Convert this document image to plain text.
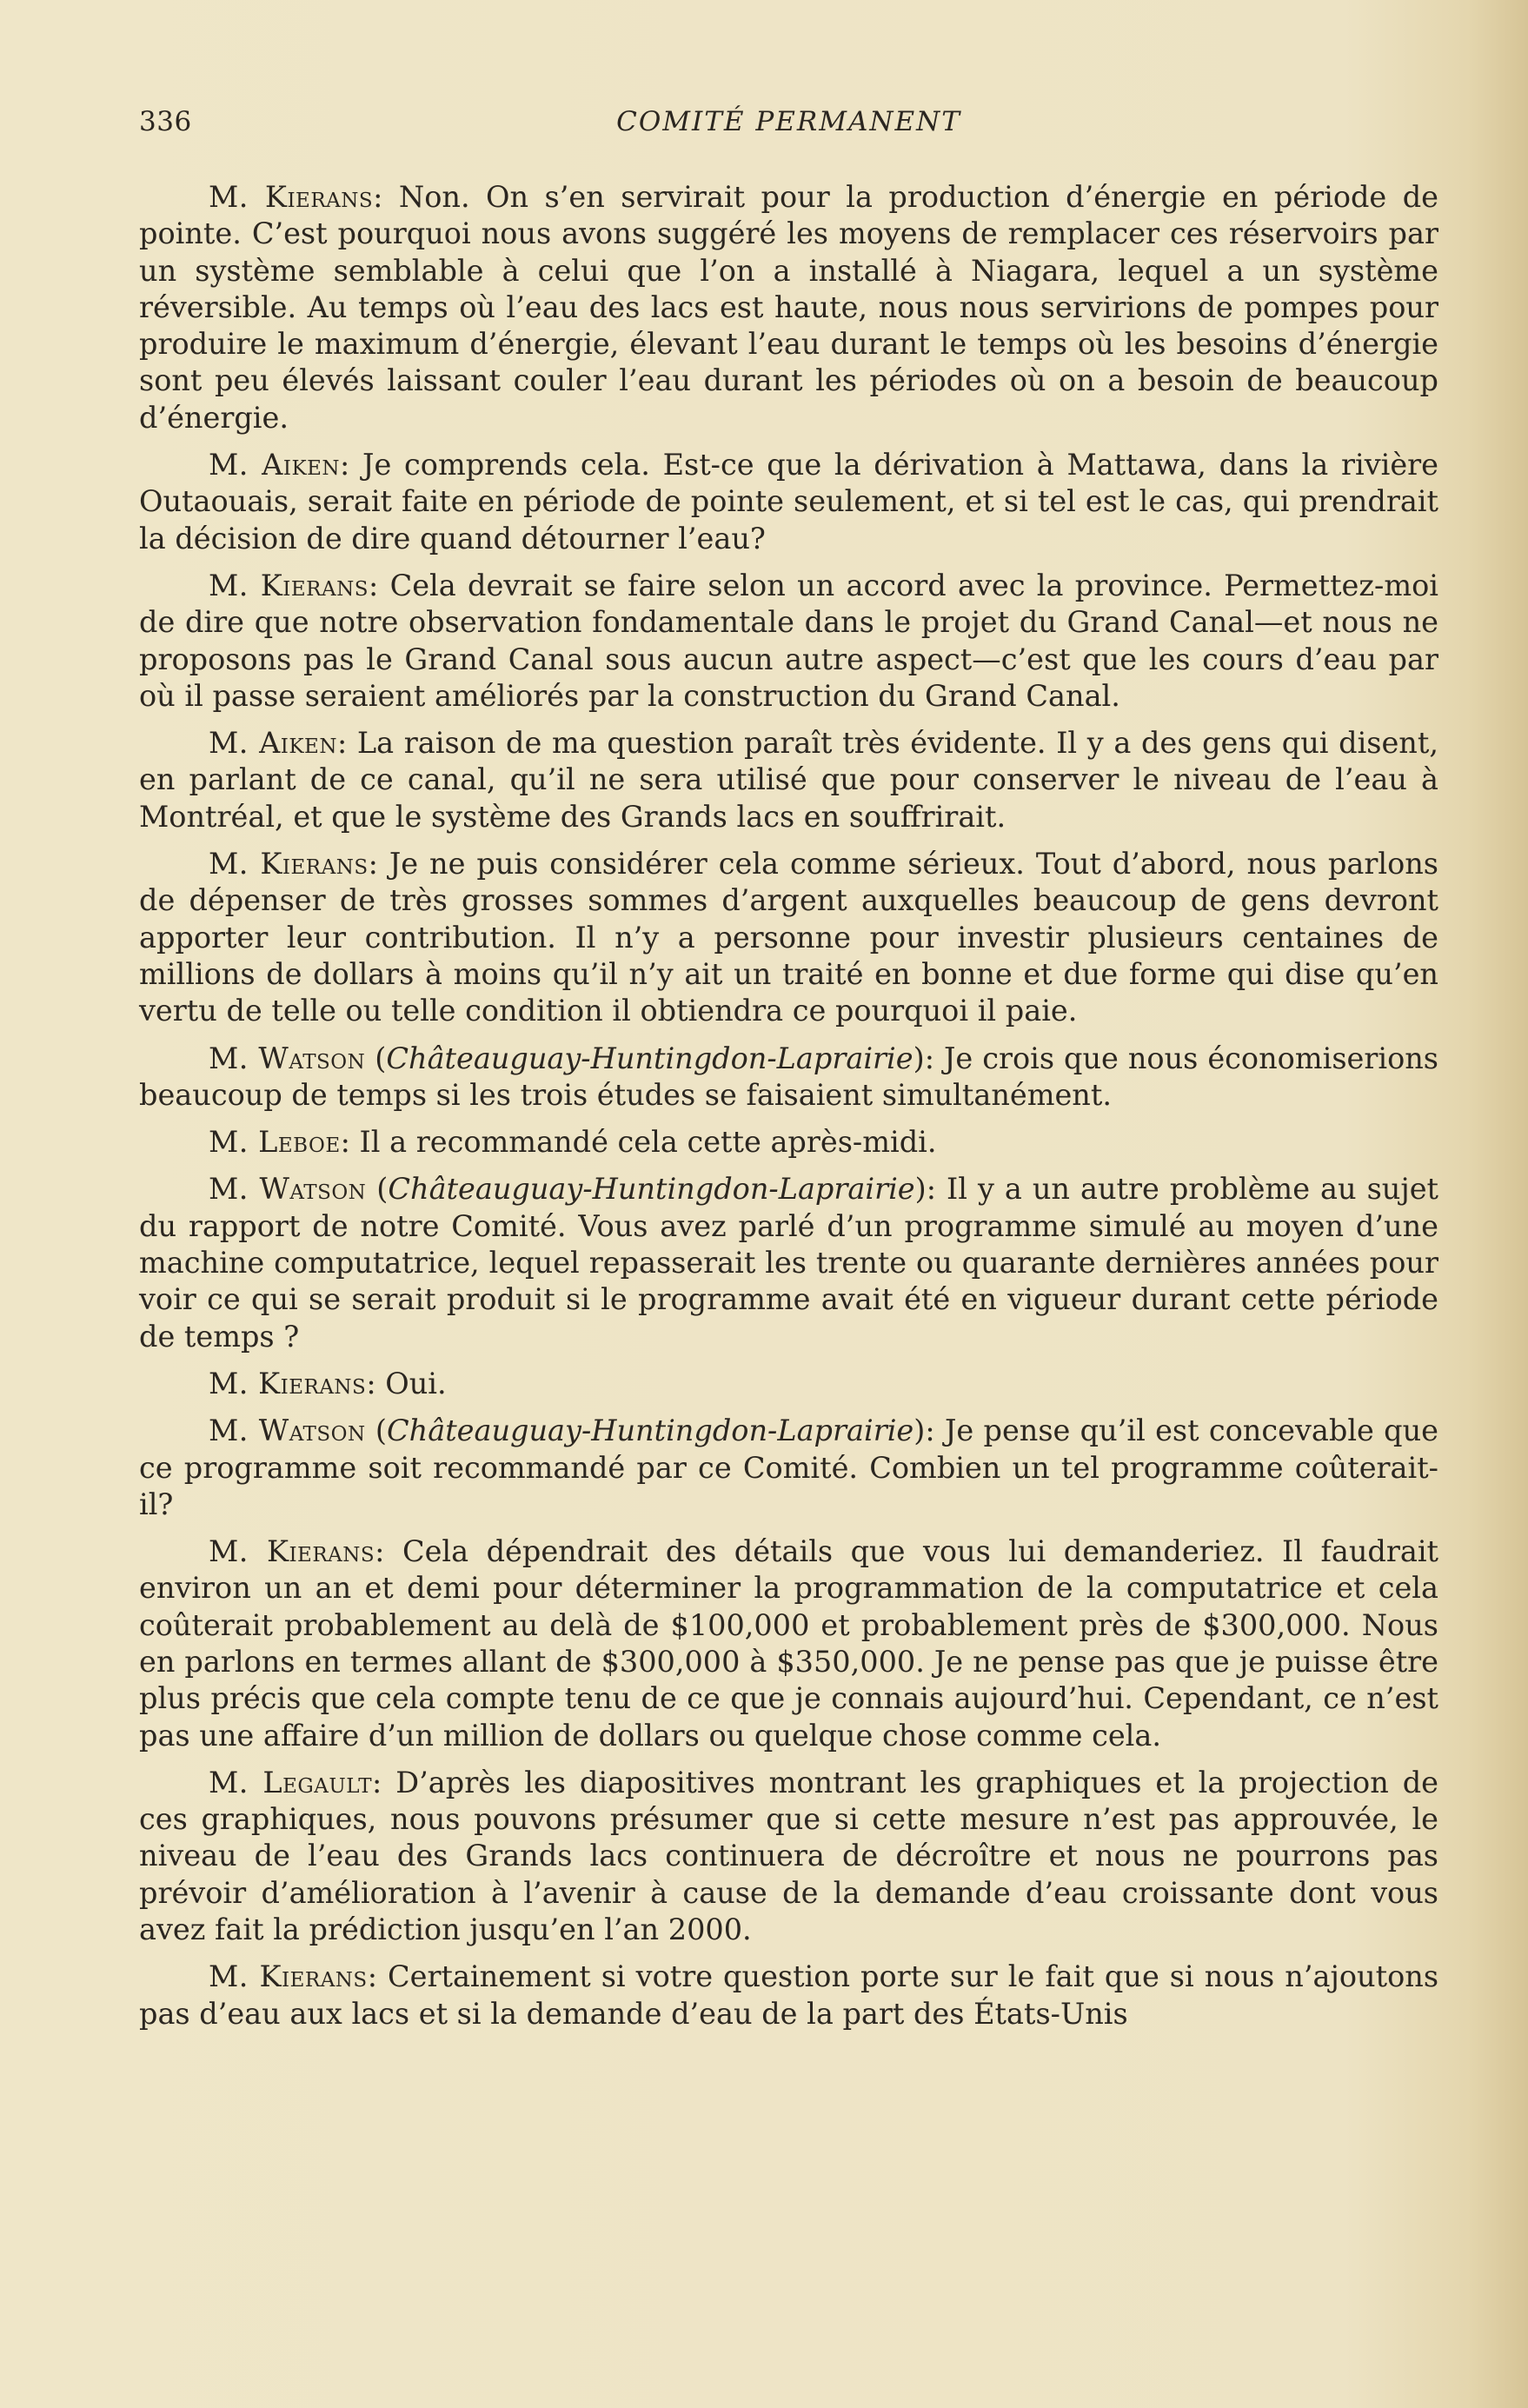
336	COMITÉ PERMANENT

M. Kierans: Non. On s’en servirait pour la production d’énergie en période de pointe. C’est pourquoi nous avons suggéré les moyens de remplacer ces réservoirs par un système semblable à celui que l’on a installé à Niagara, lequel a un système réversible. Au temps où l’eau des lacs est haute, nous nous servirions de pompes pour produire le maximum d’énergie, élevant l’eau durant le temps où les besoins d’énergie sont peu élevés laissant couler l’eau durant les périodes où on a besoin de beaucoup d’énergie.

M. Aiken: Je comprends cela. Est-ce que la dérivation à Mattawa, dans la rivière Outaouais, serait faite en période de pointe seulement, et si tel est le cas, qui prendrait la décision de dire quand détourner l’eau?

M. Kierans: Cela devrait se faire selon un accord avec la province. Permettez-moi de dire que notre observation fondamentale dans le projet du Grand Canal—et nous ne proposons pas le Grand Canal sous aucun autre aspect—c’est que les cours d’eau par où il passe seraient améliorés par la construction du Grand Canal.

M. Aiken: La raison de ma question paraît très évidente. Il y a des gens qui disent, en parlant de ce canal, qu’il ne sera utilisé que pour conserver le niveau de l’eau à Montréal, et que le système des Grands lacs en souffrirait.

M. Kierans: Je ne puis considérer cela comme sérieux. Tout d’abord, nous parlons de dépenser de très grosses sommes d’argent auxquelles beaucoup de gens devront apporter leur contribution. Il n’y a personne pour investir plusieurs centaines de millions de dollars à moins qu’il n’y ait un traité en bonne et due forme qui dise qu’en vertu de telle ou telle condition il obtiendra ce pourquoi il paie.

M. Watson (Châteauguay-Huntingdon-Laprairie): Je crois que nous économiserions beaucoup de temps si les trois études se faisaient simultanément.

M. Leboe: Il a recommandé cela cette après-midi.

M. Watson (Châteauguay-Huntingdon-Laprairie): Il y a un autre problème au sujet du rapport de notre Comité. Vous avez parlé d’un programme simulé au moyen d’une machine computatrice, lequel repasserait les trente ou quarante dernières années pour voir ce qui se serait produit si le programme avait été en vigueur durant cette période de temps ?

M. Kierans: Oui.

M. Watson (Châteauguay-Huntingdon-Laprairie): Je pense qu’il est concevable que ce programme soit recommandé par ce Comité. Combien un tel programme coûterait-il?

M. Kierans: Cela dépendrait des détails que vous lui demanderiez. Il faudrait environ un an et demi pour déterminer la programmation de la computatrice et cela coûterait probablement au delà de $100,000 et probablement près de $300,000. Nous en parlons en termes allant de $300,000 à $350,000. Je ne pense pas que je puisse être plus précis que cela compte tenu de ce que je connais aujourd’hui. Cependant, ce n’est pas une affaire d’un million de dollars ou quelque chose comme cela.

M. Legault: D’après les diapositives montrant les graphiques et la projection de ces graphiques, nous pouvons présumer que si cette mesure n’est pas approuvée, le niveau de l’eau des Grands lacs continuera de décroître et nous ne pourrons pas prévoir d’amélioration à l’avenir à cause de la demande d’eau croissante dont vous avez fait la prédiction jusqu’en l’an 2000.

M. Kierans: Certainement si votre question porte sur le fait que si nous n’ajoutons pas d’eau aux lacs et si la demande d’eau de la part des États-Unis
